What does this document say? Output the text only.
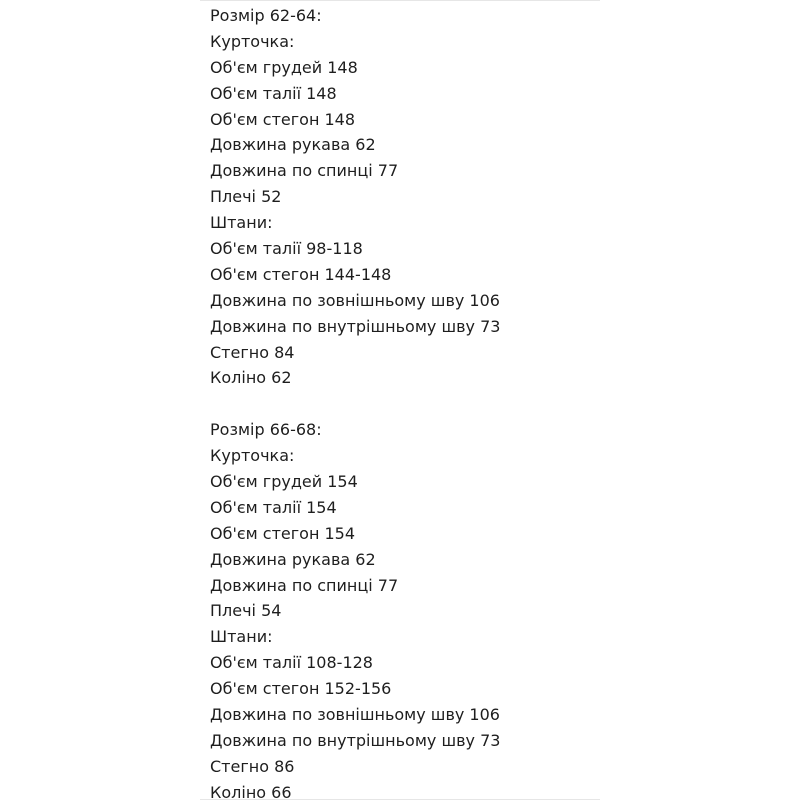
Розмір 62-64:
Курточка:
Об'єм грудей 148
Об'єм талії 148
Об'єм стегон 148
Довжина рукава 62
Довжина по спинці 77
Плечі 52
Штани:
Об'єм талії 98-118
Об'єм стегон 144-148
Довжина по зовнішньому шву 106
Довжина по внутрішньому шву 73
Стегно 84
Коліно 62
Розмір 66-68:
Курточка:
Об'єм грудей 154
Об'єм талії 154
Об'єм стегон 154
Довжина рукава 62
Довжина по спинці 77
Плечі 54
Штани:
Об'єм талії 108-128
Об'єм стегон 152-156
Довжина по зовнішньому шву 106
Довжина по внутрішньому шву 73
Стегно 86
Коліно 66
